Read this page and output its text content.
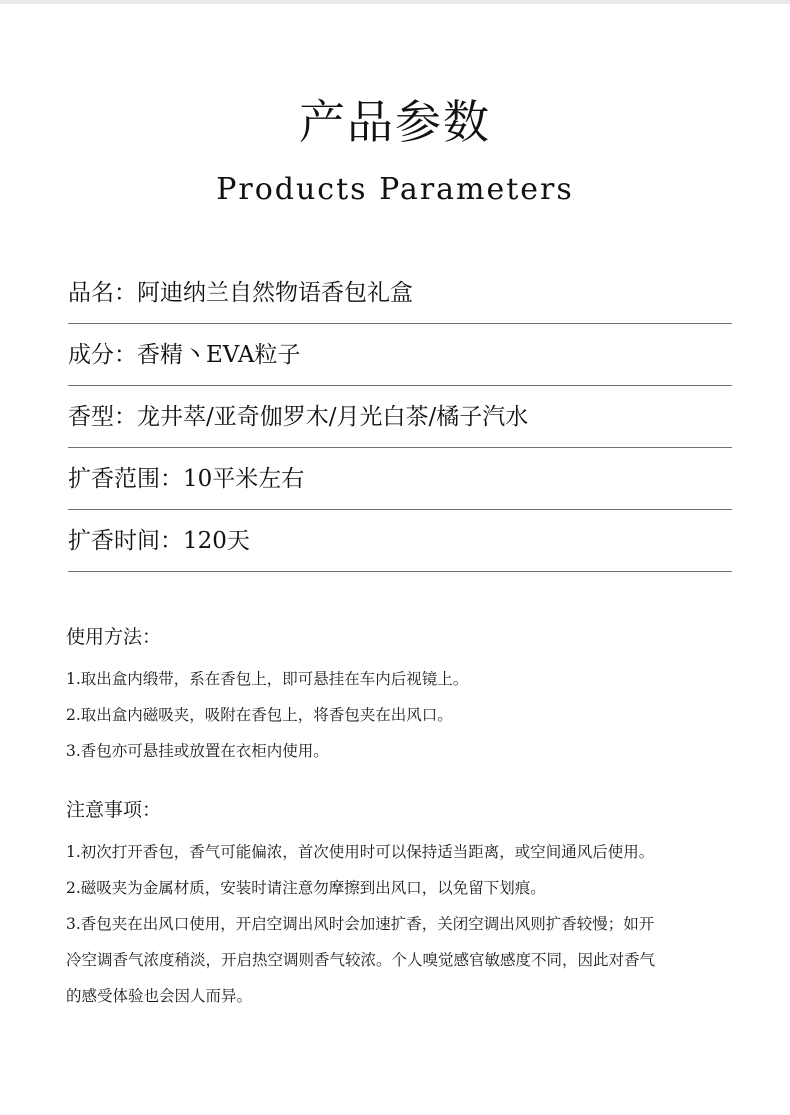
产品参数
Products Parameters
品名：阿迪纳兰自然物语香包礼盒
成分：香精丶EVA粒子
香型：龙井萃/亚奇伽罗木/月光白茶/橘子汽水
扩香范围：10平米左右
扩香时间：120天
使用方法：
1.取出盒内缎带，系在香包上，即可悬挂在车内后视镜上。
2.取出盒内磁吸夹，吸附在香包上，将香包夹在出风口。
3.香包亦可悬挂或放置在衣柜内使用。
注意事项：
1.初次打开香包，香气可能偏浓，首次使用时可以保持适当距离，或空间通风后使用。
2.磁吸夹为金属材质，安装时请注意勿摩擦到出风口，以免留下划痕。
3.香包夹在出风口使用，开启空调出风时会加速扩香，关闭空调出风则扩香较慢；如开
冷空调香气浓度稍淡，开启热空调则香气较浓。个人嗅觉感官敏感度不同，因此对香气
的感受体验也会因人而异。
